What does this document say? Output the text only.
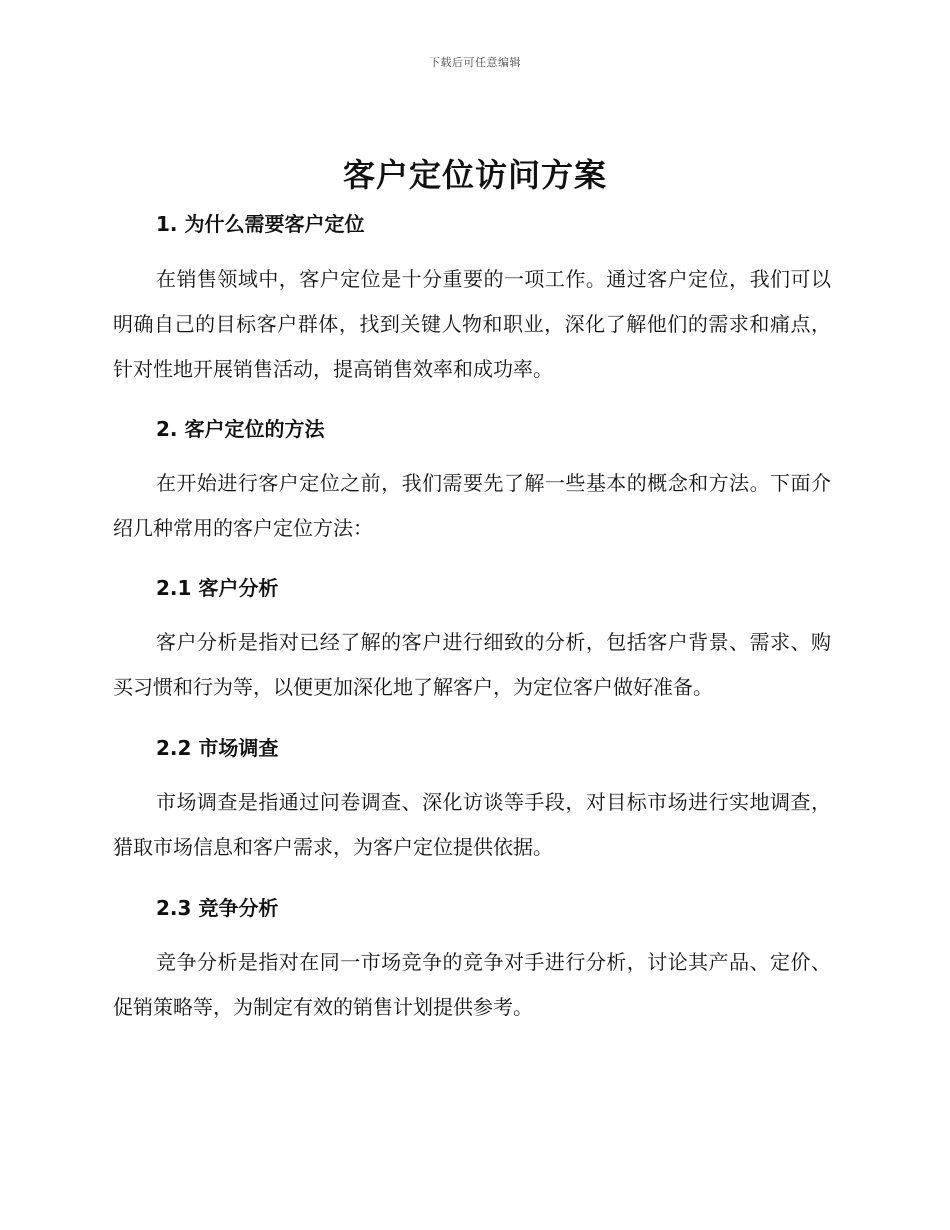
下载后可任意编辑
客户定位访问方案
1. 为什么需要客户定位

在销售领域中，客户定位是十分重要的一项工作。通过客户定位，我们可以明确自己的目标客户群体，找到关键人物和职业，深化了解他们的需求和痛点，针对性地开展销售活动，提高销售效率和成功率。

2. 客户定位的方法

在开始进行客户定位之前，我们需要先了解一些基本的概念和方法。下面介绍几种常用的客户定位方法：

2.1 客户分析

客户分析是指对已经了解的客户进行细致的分析，包括客户背景、需求、购买习惯和行为等，以便更加深化地了解客户，为定位客户做好准备。

2.2 市场调查

市场调查是指通过问卷调查、深化访谈等手段，对目标市场进行实地调查，猎取市场信息和客户需求，为客户定位提供依据。

2.3 竞争分析

竞争分析是指对在同一市场竞争的竞争对手进行分析，讨论其产品、定价、促销策略等，为制定有效的销售计划提供参考。
